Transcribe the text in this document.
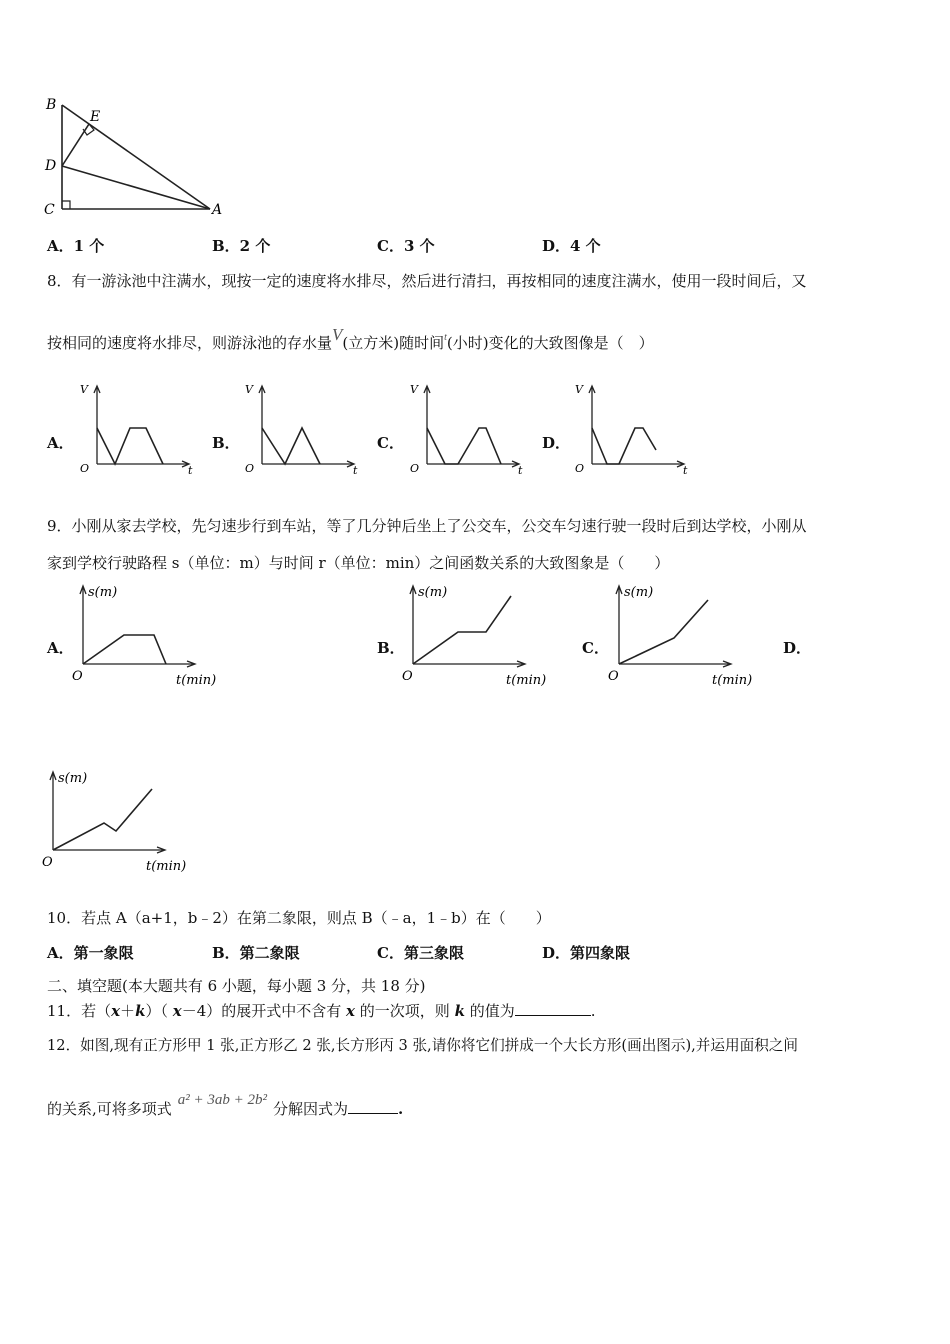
B
E
D
C	A
A．1 个	B．2 个	C．3 个	D．4 个
8．有一游泳池中注满水，现按一定的速度将水排尽，然后进行清扫，再按相同的速度注满水，使用一段时间后，又
按相同的速度将水排尽，则游泳池的存水量V(立方米)随时间$^t$(小时)变化的大致图像是（　）
A．	B．	C．	D．
V
O	t
V
O	t
V
O	t
V
O	t
9．小刚从家去学校，先匀速步行到车站，等了几分钟后坐上了公交车，公交车匀速行驶一段时后到达学校，小刚从
家到学校行驶路程 s（单位：m）与时间 r（单位：min）之间函数关系的大致图象是（　　）
A．	B．	C．	D．
s(m)
O	t(min)
s(m)
O	t(min)
s(m)
O	t(min)
s(m)
O	t(min)
10．若点 A（a+1，b﹣2）在第二象限，则点 B（﹣a，1﹣b）在（　　）
A．第一象限	B．第二象限	C．第三象限	D．第四象限
二、填空题(本大题共有 6 小题，每小题 3 分，共 18 分)
11．若（x＋k）（ x－4）的展开式中不含有 x 的一次项，则 k 的值为	.
12．如图,现有正方形甲 1 张,正方形乙 2 张,长方形丙 3 张,请你将它们拼成一个大长方形(画出图示),并运用面积之间
的关系,可将多项式 a² + 3ab + 2b² 分解因式为	.
